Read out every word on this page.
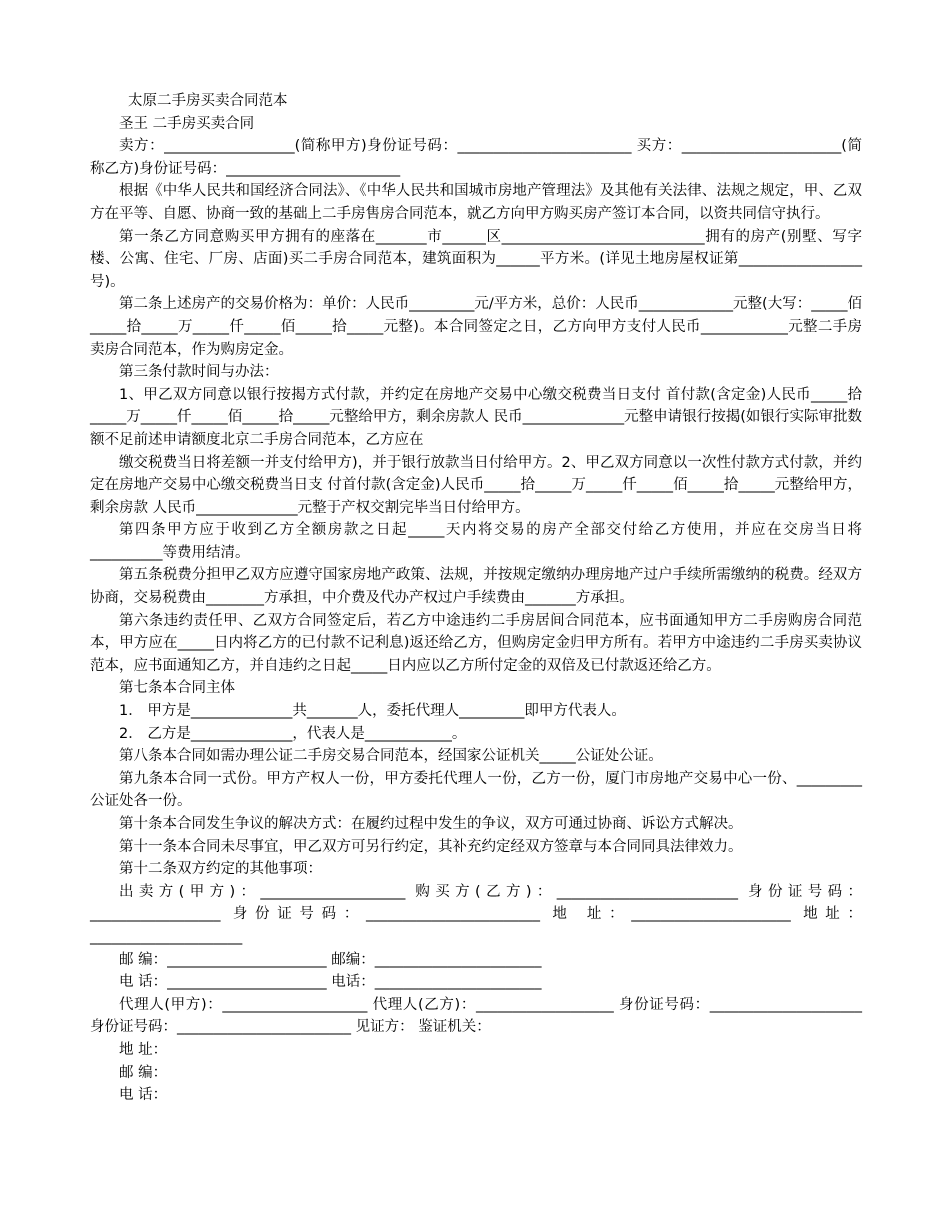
太原二手房买卖合同范本

圣王 二手房买卖合同

卖方：__________________(简称甲方)身份证号码：________________________ 买方：______________________(简称乙方)身份证号码：________________________

根据《中华人民共和国经济合同法》、《中华人民共和国城市房地产管理法》及其他有关法律、法规之规定，甲、乙双方在平等、自愿、协商一致的基础上二手房售房合同范本，就乙方向甲方购买房产签订本合同，以资共同信守执行。

第一条乙方同意购买甲方拥有的座落在_______市______区____________________________拥有的房产(别墅、写字楼、公寓、住宅、厂房、店面)买二手房合同范本，建筑面积为______平方米。(详见土地房屋权证第_________________号)。

第二条上述房产的交易价格为：单价：人民币_________元/平方米，总价：人民币_____________元整(大写：_____佰_____拾_____万_____仟_____佰_____拾_____元整)。本合同签定之日，乙方向甲方支付人民币____________元整二手房卖房合同范本，作为购房定金。

第三条付款时间与办法：

1、甲乙双方同意以银行按揭方式付款，并约定在房地产交易中心缴交税费当日支付 首付款(含定金)人民币_____拾_____万_____仟_____佰_____拾_____元整给甲方，剩余房款人 民币______________元整申请银行按揭(如银行实际审批数额不足前述申请额度北京二手房合同范本，乙方应在

缴交税费当日将差额一并支付给甲方)，并于银行放款当日付给甲方。2、甲乙双方同意以一次性付款方式付款，并约定在房地产交易中心缴交税费当日支 付首付款(含定金)人民币_____拾_____万_____仟_____佰_____拾_____元整给甲方，剩余房款 人民币______________元整于产权交割完毕当日付给甲方。

第四条甲方应于收到乙方全额房款之日起_____天内将交易的房产全部交付给乙方使用，并应在交房当日将__________等费用结清。

第五条税费分担甲乙双方应遵守国家房地产政策、法规，并按规定缴纳办理房地产过户手续所需缴纳的税费。经双方协商，交易税费由________方承担，中介费及代办产权过户手续费由_______方承担。

第六条违约责任甲、乙双方合同签定后，若乙方中途违约二手房居间合同范本，应书面通知甲方二手房购房合同范本，甲方应在_____日内将乙方的已付款不记利息)返还给乙方，但购房定金归甲方所有。若甲方中途违约二手房买卖协议范本，应书面通知乙方，并自违约之日起_____日内应以乙方所付定金的双倍及已付款返还给乙方。

第七条本合同主体

1． 甲方是______________共_______人，委托代理人_________即甲方代表人。

2． 乙方是______________，代表人是____________。

第八条本合同如需办理公证二手房交易合同范本，经国家公证机关_____公证处公证。

第九条本合同一式份。甲方产权人一份，甲方委托代理人一份，乙方一份，厦门市房地产交易中心一份、_________公证处各一份。

第十条本合同发生争议的解决方式：在履约过程中发生的争议，双方可通过协商、诉讼方式解决。

第十一条本合同未尽事宜，甲乙双方可另行约定，其补充约定经双方签章与本合同同具法律效力。

第十二条双方约定的其他事项：

出卖方(甲方)：____________________ 购买方(乙方)：_________________________ 身份证号码：__________________ 身份证号码：________________________ 地 址：______________________ 地址：_____________________

邮 编：______________________ 邮编：_______________________

电 话：______________________ 电话：_______________________

代理人(甲方)：____________________ 代理人(乙方)：___________________ 身份证号码：_____________________ 身份证号码：________________________ 见证方： 鉴证机关：

地 址：

邮 编：

电 话：
